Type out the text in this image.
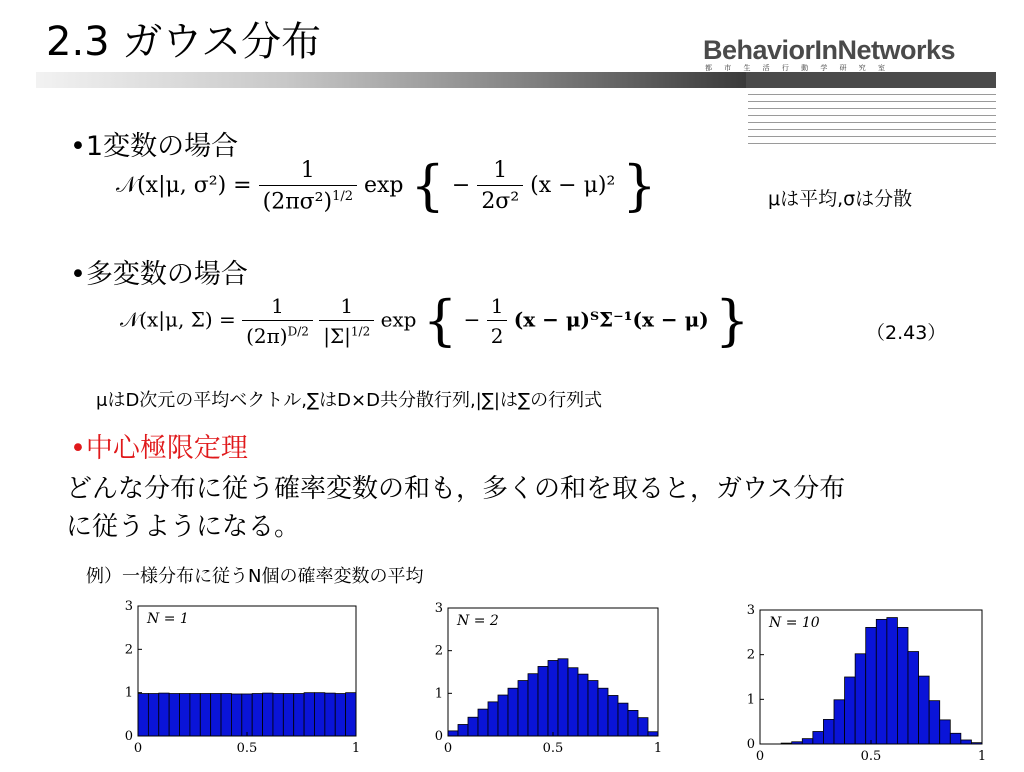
2.3 ガウス分布	BehaviorInNetworks
都 市 生 活 行 動 学 研 究 室
•1変数の場合
𝒩(x|μ, $\sigma^2) = \frac{1}{(2\pi\sigma^2)^{1/2}}$ exp { − $\frac{1}{\text{2σ²}} (x - \mu)^2$ }	μは平均,σは分散
•多変数の場合
𝒩(x|μ, $\Sigma) = \frac{1}{(2\pi)^{D/2}}$
$\frac{1}{|\Sigma|^{1/2}}$ exp { − $\frac{1}{2} (x$ − μ)ᵀΣ⁻¹(x − μ) }	（2.43）
μはD次元の平均ベクトル,∑はD×D共分散行列,|∑|は∑の行列式
•中心極限定理
どんな分布に従う確率変数の和も，多くの和を取ると，ガウス分布
に従うようになる。
例）一様分布に従うN個の確率変数の平均
0
1
2
3
0	0.5	1
N = 1
0
1
2
3
0	0.5	1
N = 2
0
1
2
3
0	0.5	1
N = 10
